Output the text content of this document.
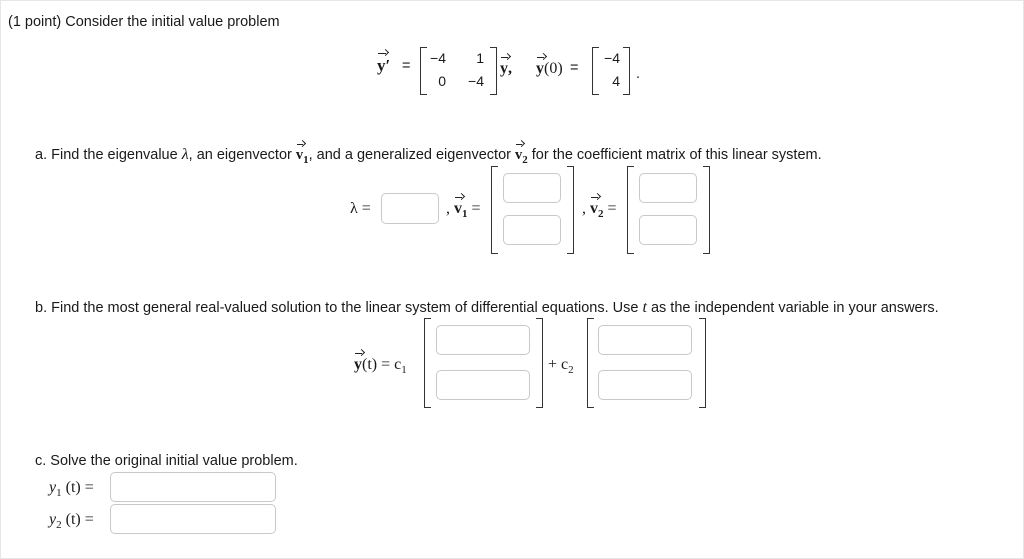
(1 point) Consider the initial value problem
y′ =	−4	1
0	−4
y, y(0) =
−4
4 .
a. Find the eigenvalue λ, an eigenvector $v_1$, and a generalized eigenvector $v_2$ for the coefficient matrix of this linear system.
λ =	, $v_1$ =	, $v_2$ =
b. Find the most general real-valued solution to the linear system of differential equations. Use t as the independent variable in your answers.
$y(t) = c_1$	+ $c_2$
c. Solve the original initial value problem.
$y_1$ (t) =
$y_2$ (t) =
